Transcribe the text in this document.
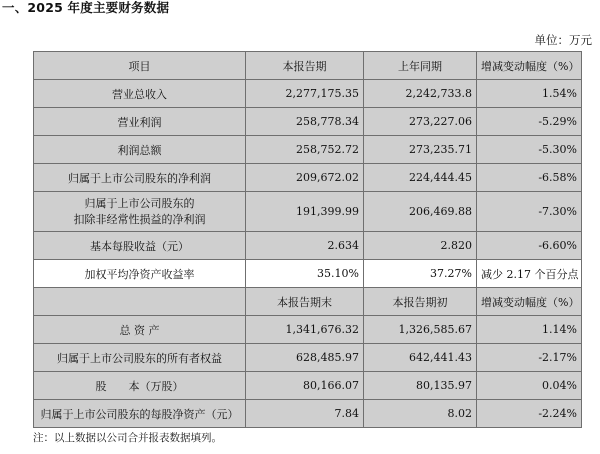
一、2025 年度主要财务数据
单位：万元
项目	本报告期	上年同期	增减变动幅度（%）
营业总收入	2,277,175.35	2,242,733.8	1.54%
营业利润	258,778.34	273,227.06	-5.29%
利润总额	258,752.72	273,235.71	-5.30%
归属于上市公司股东的净利润	209,672.02	224,444.45	-6.58%

归属于上市公司股东的
扣除非经常性损益的净利润	191,399.99	206,469.88	-7.30%
基本每股收益（元）	2.634	2.820	-6.60%
加权平均净资产收益率	35.10%	37.27%	减少 2.17 个百分点
	本报告期末	本报告期初	增减变动幅度（%）
总 资 产	1,341,676.32	1,326,585.67	1.14%
归属于上市公司股东的所有者权益	628,485.97	642,441.43	-2.17%
股　　本（万股）	80,166.07	80,135.97	0.04%
归属于上市公司股东的每股净资产（元）	7.84	8.02	-2.24%
注：以上数据以公司合并报表数据填列。
